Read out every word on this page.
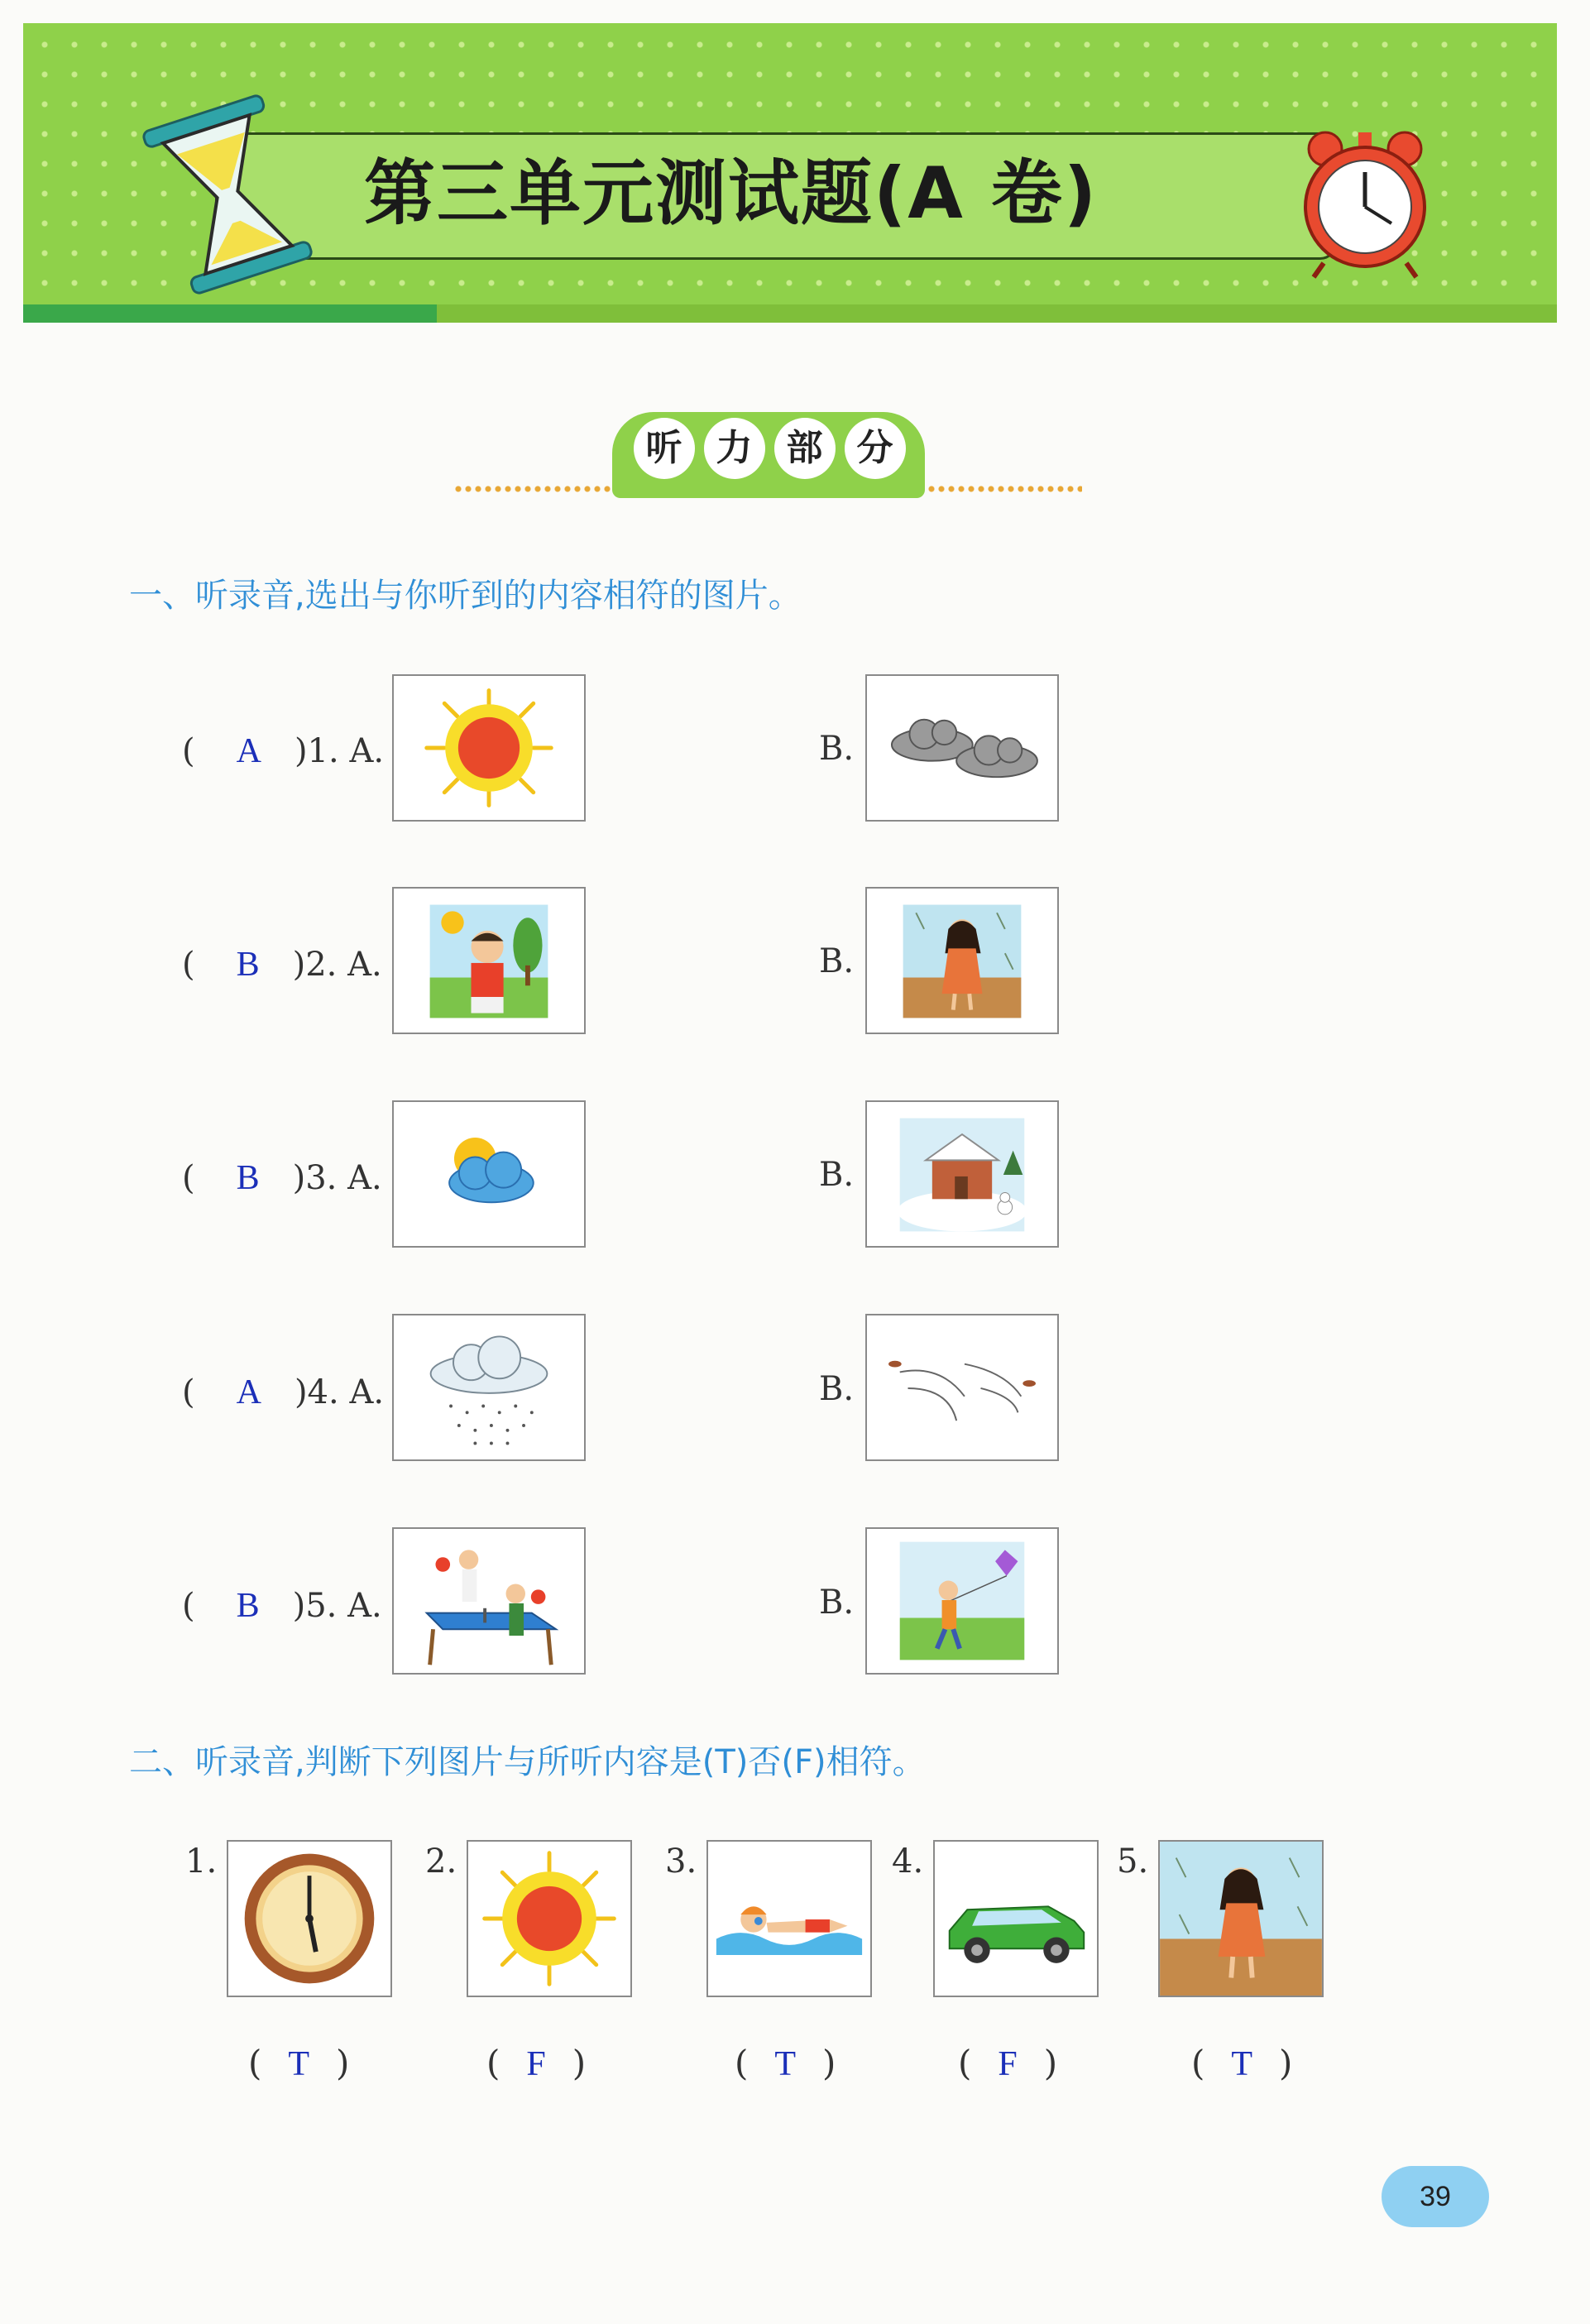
第三单元测试题(A 卷)
听 力 部 分
一、听录音,选出与你听到的内容相符的图片。
( A )1. A.	B.
( B )2. A.	B.
( B )3. A.	B.
( A )4. A.	B.
( B )5. A.	B.
二、听录音,判断下列图片与所听内容是(T)否(F)相符。
1.
( T )
2.
( F )
3.
( T )
4.
( F )
5.
( T )
39
